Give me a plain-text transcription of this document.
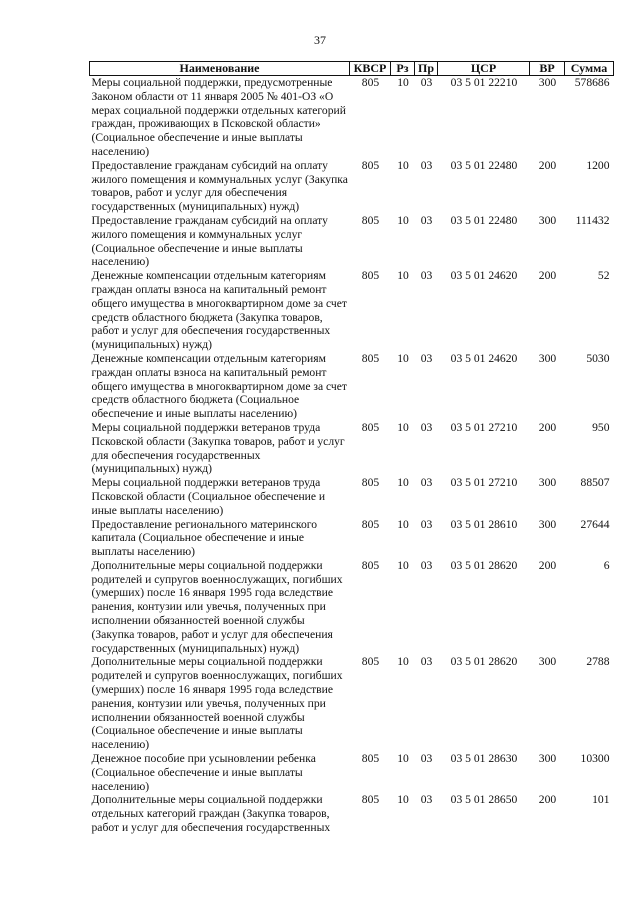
37
Наименование	КВСР	Рз	Пр	ЦСР	ВР	Сумма
Меры социальной поддержки, предусмотренные Законом области от 11 января 2005 № 401-ОЗ «О мерах социальной поддержки отдельных категорий граждан, проживающих в Псковской области» (Социальное обеспечение и иные выплаты населению)	805	10	03	03 5 01 22210	300	578686
Предоставление гражданам субсидий на оплату жилого помещения и коммунальных услуг (Закупка товаров, работ и услуг для обеспечения государственных (муниципальных) нужд)	805	10	03	03 5 01 22480	200	1200
Предоставление гражданам субсидий на оплату жилого помещения и коммунальных услуг (Социальное обеспечение и иные выплаты населению)	805	10	03	03 5 01 22480	300	111432
Денежные компенсации отдельным категориям граждан оплаты взноса на капитальный ремонт общего имущества в многоквартирном доме за счет средств областного бюджета (Закупка товаров, работ и услуг для обеспечения государственных (муниципальных) нужд)	805	10	03	03 5 01 24620	200	52
Денежные компенсации отдельным категориям граждан оплаты взноса на капитальный ремонт общего имущества в многоквартирном доме за счет средств областного бюджета (Социальное обеспечение и иные выплаты населению)	805	10	03	03 5 01 24620	300	5030
Меры социальной поддержки ветеранов труда Псковской области (Закупка товаров, работ и услуг для обеспечения государственных (муниципальных) нужд)	805	10	03	03 5 01 27210	200	950
Меры социальной поддержки ветеранов труда Псковской области (Социальное обеспечение и иные выплаты населению)	805	10	03	03 5 01 27210	300	88507
Предоставление регионального материнского капитала (Социальное обеспечение и иные выплаты населению)	805	10	03	03 5 01 28610	300	27644
Дополнительные меры социальной поддержки родителей и супругов военнослужащих, погибших (умерших) после 16 января 1995 года вследствие ранения, контузии или увечья, полученных при исполнении обязанностей военной службы (Закупка товаров, работ и услуг для обеспечения государственных (муниципальных) нужд)	805	10	03	03 5 01 28620	200	6
Дополнительные меры социальной поддержки родителей и супругов военнослужащих, погибших (умерших) после 16 января 1995 года вследствие ранения, контузии или увечья, полученных при исполнении обязанностей военной службы (Социальное обеспечение и иные выплаты населению)	805	10	03	03 5 01 28620	300	2788
Денежное пособие при усыновлении ребенка (Социальное обеспечение и иные выплаты населению)	805	10	03	03 5 01 28630	300	10300
Дополнительные меры социальной поддержки отдельных категорий граждан (Закупка товаров, работ и услуг для обеспечения государственных	805	10	03	03 5 01 28650	200	101
